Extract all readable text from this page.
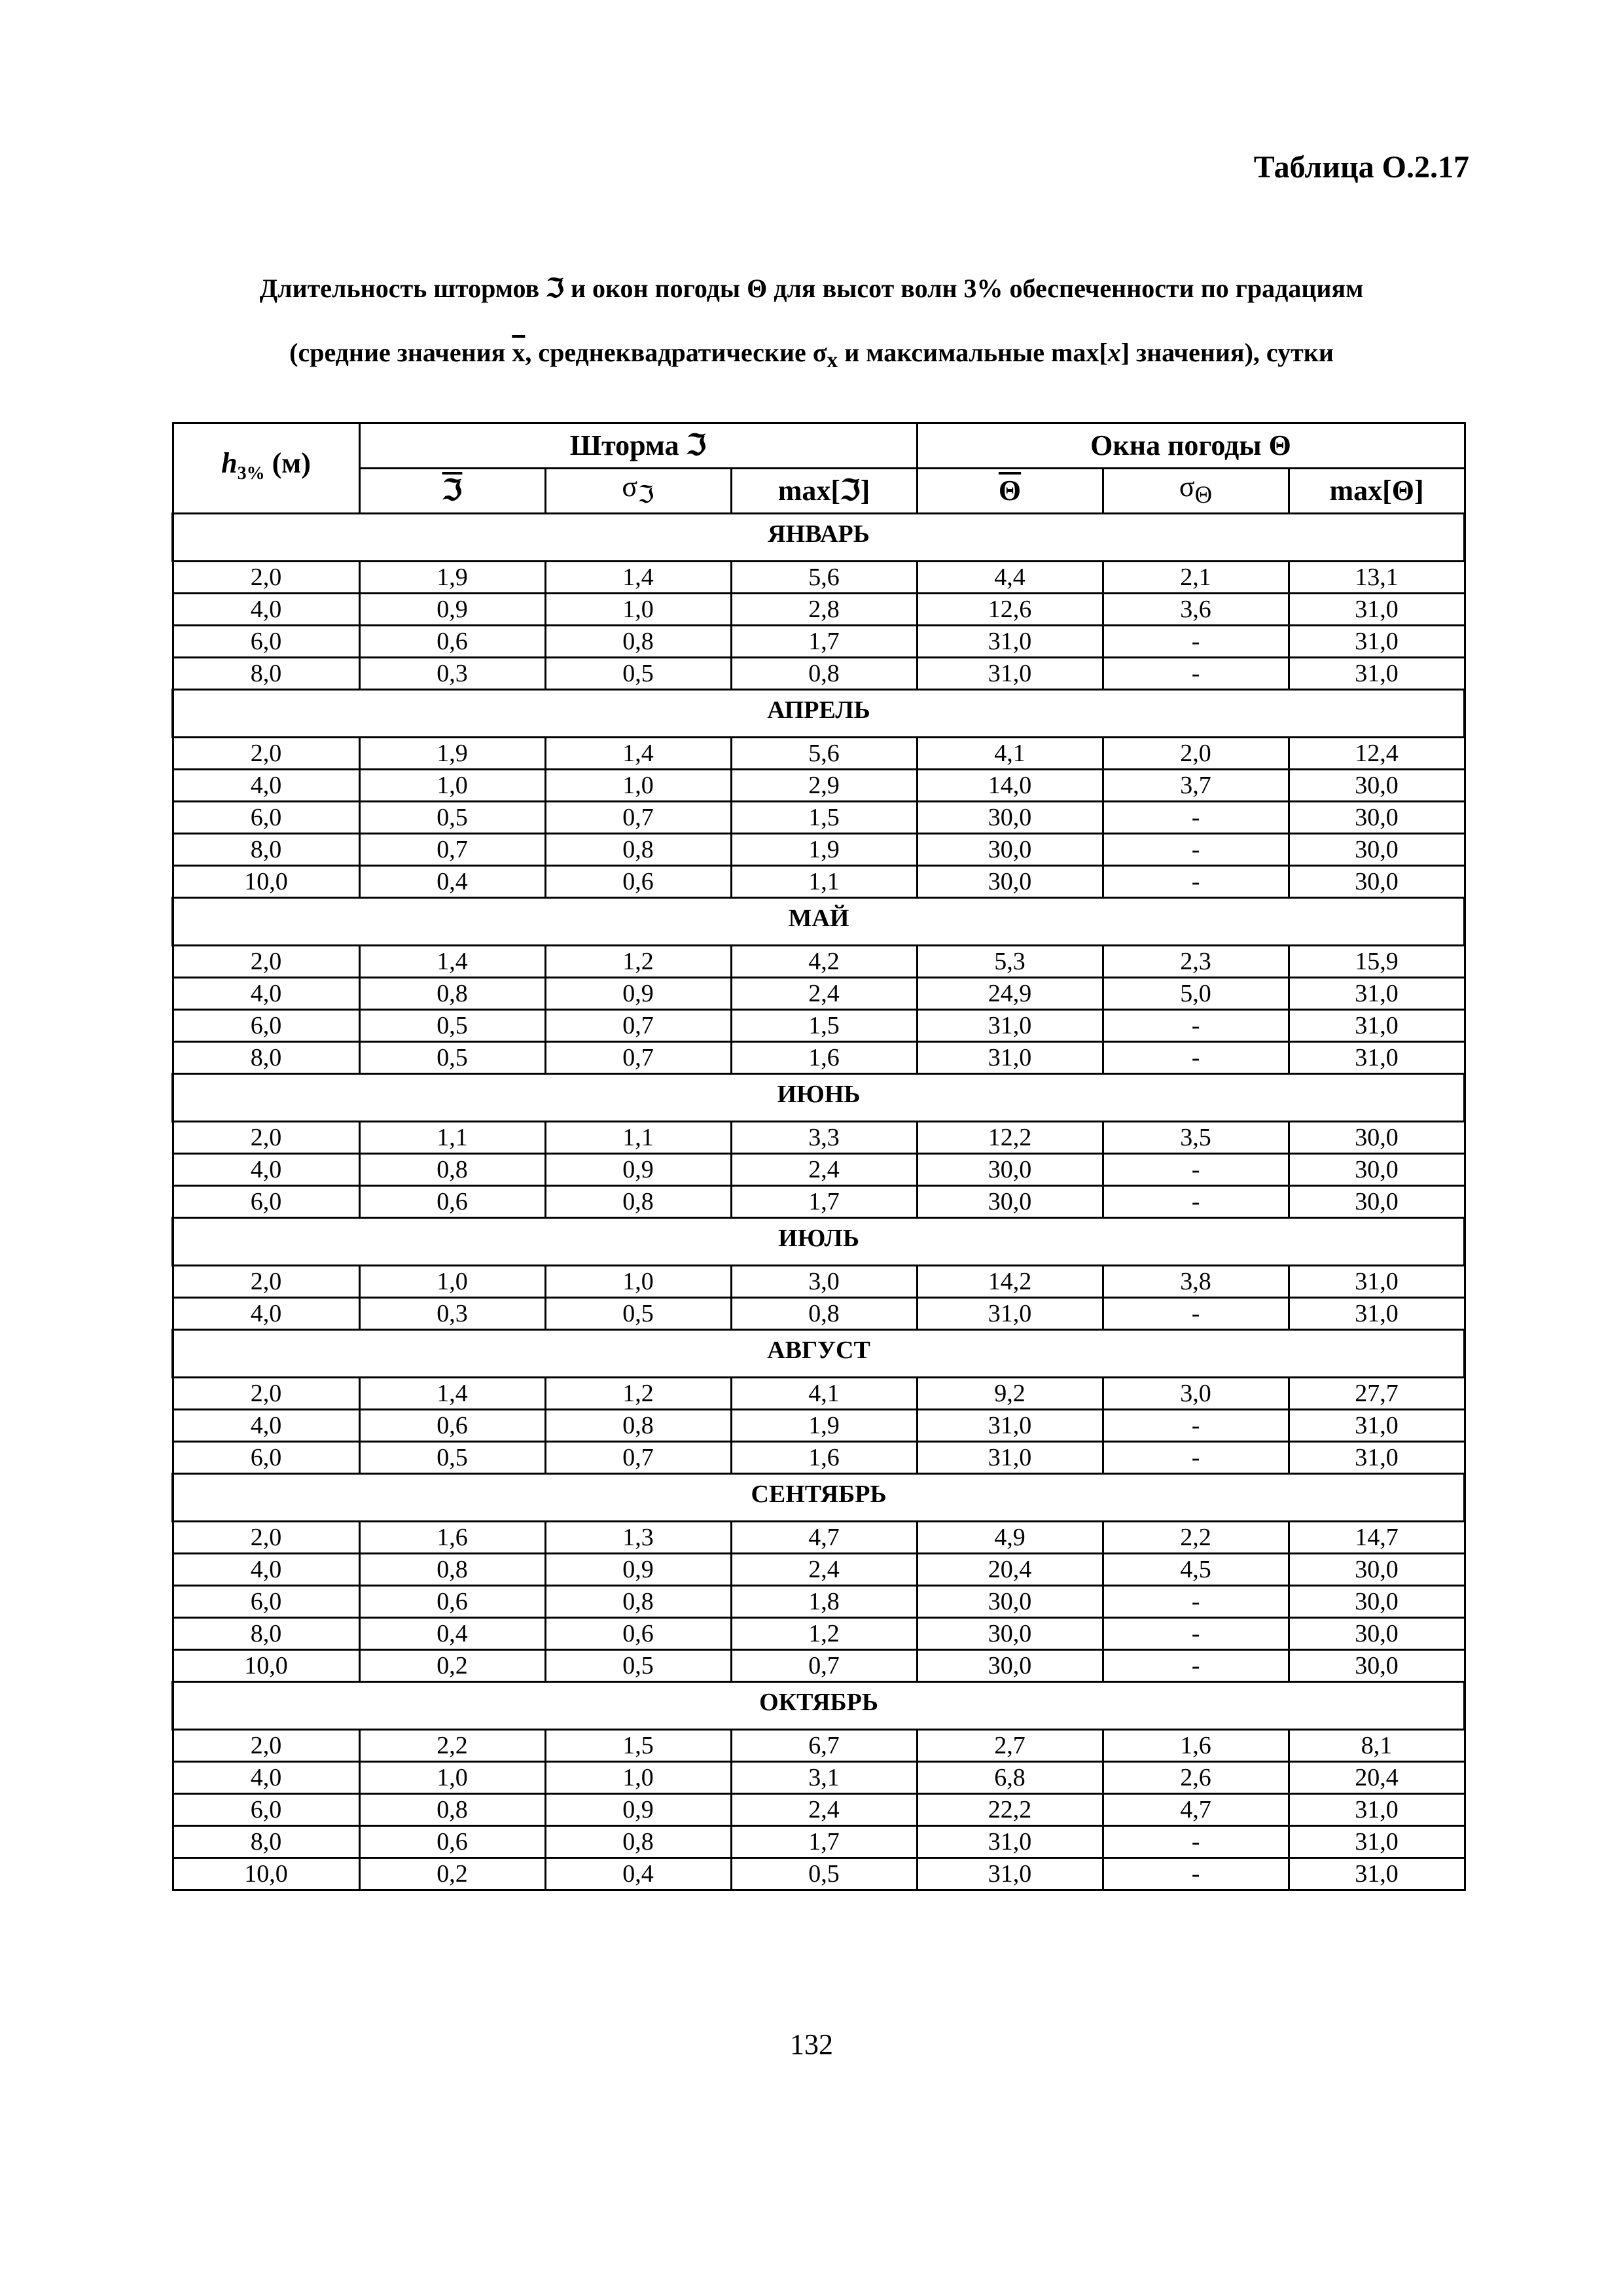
Таблица О.2.17

Длительность штормов ℑ и окон погоды Θ для высот волн 3% обеспеченности по градациям
(средние значения $\overline{x}$, среднеквадратические $\sigma_x$ и максимальные max[x] значения), сутки
$h_{3\%}$ (м)	Шторма ℑ			Окна погоды Θ		
	ℑ	$\sigma_ℑ$	max[ℑ]	$\overline{\Theta}$	$\sigma_\Theta$	max[Θ]

ЯНВАРЬ						

2,0	1,9	1,4	5,6	4,4	2,1	13,1
4,0	0,9	1,0	2,8	12,6	3,6	31,0
6,0	0,6	0,8	1,7	31,0	-	31,0
8,0	0,3	0,5	0,8	31,0	-	31,0

АПРЕЛЬ						

2,0	1,9	1,4	5,6	4,1	2,0	12,4
4,0	1,0	1,0	2,9	14,0	3,7	30,0
6,0	0,5	0,7	1,5	30,0	-	30,0
8,0	0,7	0,8	1,9	30,0	-	30,0
10,0	0,4	0,6	1,1	30,0	-	30,0

МАЙ						

2,0	1,4	1,2	4,2	5,3	2,3	15,9
4,0	0,8	0,9	2,4	24,9	5,0	31,0
6,0	0,5	0,7	1,5	31,0	-	31,0
8,0	0,5	0,7	1,6	31,0	-	31,0

ИЮНЬ						

2,0	1,1	1,1	3,3	12,2	3,5	30,0
4,0	0,8	0,9	2,4	30,0	-	30,0
6,0	0,6	0,8	1,7	30,0	-	30,0

ИЮЛЬ						

2,0	1,0	1,0	3,0	14,2	3,8	31,0
4,0	0,3	0,5	0,8	31,0	-	31,0

АВГУСТ						

2,0	1,4	1,2	4,1	9,2	3,0	27,7
4,0	0,6	0,8	1,9	31,0	-	31,0
6,0	0,5	0,7	1,6	31,0	-	31,0

СЕНТЯБРЬ						

2,0	1,6	1,3	4,7	4,9	2,2	14,7
4,0	0,8	0,9	2,4	20,4	4,5	30,0
6,0	0,6	0,8	1,8	30,0	-	30,0
8,0	0,4	0,6	1,2	30,0	-	30,0
10,0	0,2	0,5	0,7	30,0	-	30,0

ОКТЯБРЬ						

2,0	2,2	1,5	6,7	2,7	1,6	8,1
4,0	1,0	1,0	3,1	6,8	2,6	20,4
6,0	0,8	0,9	2,4	22,2	4,7	31,0
8,0	0,6	0,8	1,7	31,0	-	31,0
10,0	0,2	0,4	0,5	31,0	-	31,0

132
